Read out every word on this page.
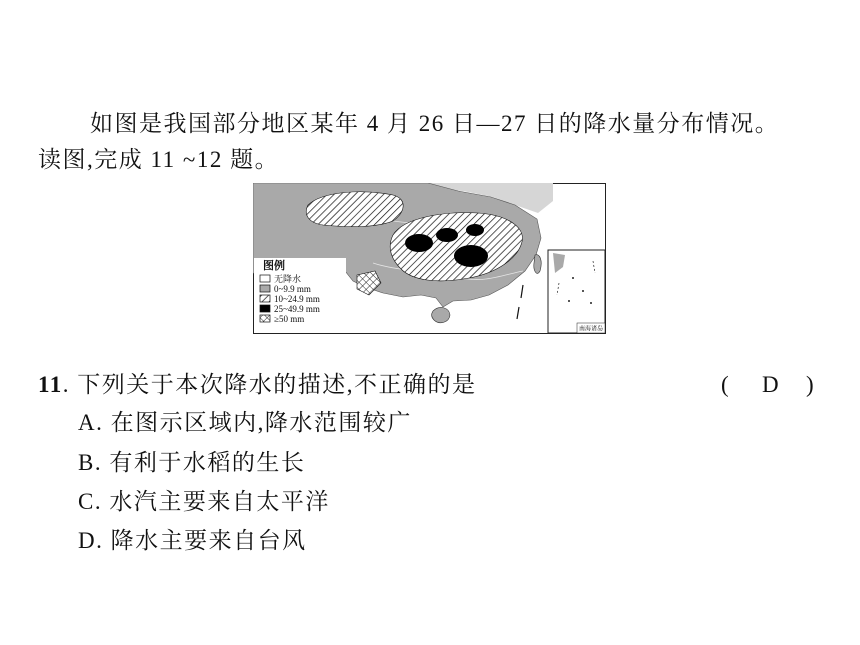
如图是我国部分地区某年 4 月 26 日—27 日的降水量分布情况。
读图,完成 11 ~12 题。
南海诸岛
图例
无降水
0~9.9 mm
10~24.9 mm
25~49.9 mm
≥50 mm
11. 下列关于本次降水的描述,不正确的是	( D )
A. 在图示区域内,降水范围较广
B. 有利于水稻的生长
C. 水汽主要来自太平洋
D. 降水主要来自台风
